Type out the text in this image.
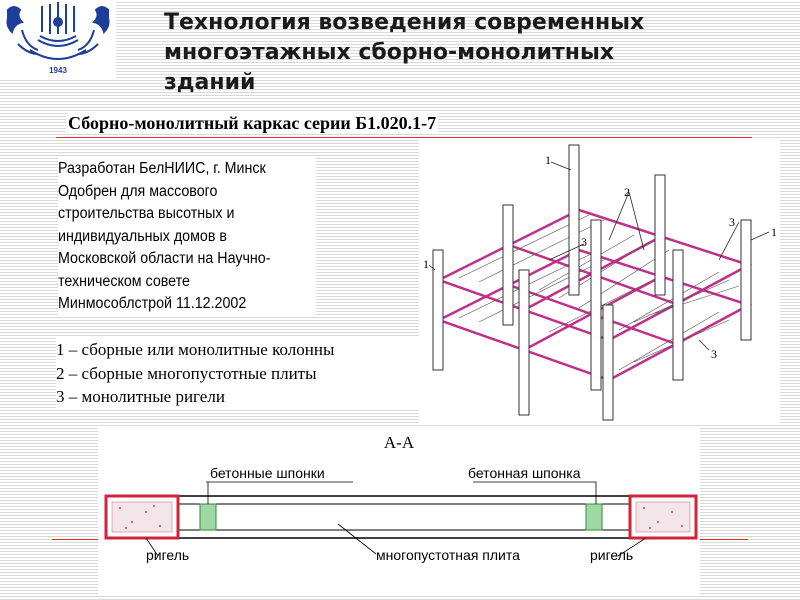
1943
Технология возведения современных
многоэтажных сборно-монолитных
зданий
Сборно-монолитный каркас серии Б1.020.1-7
Разработан БелНИИС, г. Минск
Одобрен для массового
строительства высотных и
индивидуальных домов в
Московской области на Научно-
техническом совете
Минмособлстрой 11.12.2002
1 – сборные или монолитные колонны
2 – сборные многопустотные плиты
3 – монолитные ригели
1
2
3
1
1
3
3
А-А
бетонные шпонки	бетонная шпонка
ригель	многопустотная плита	ригель
